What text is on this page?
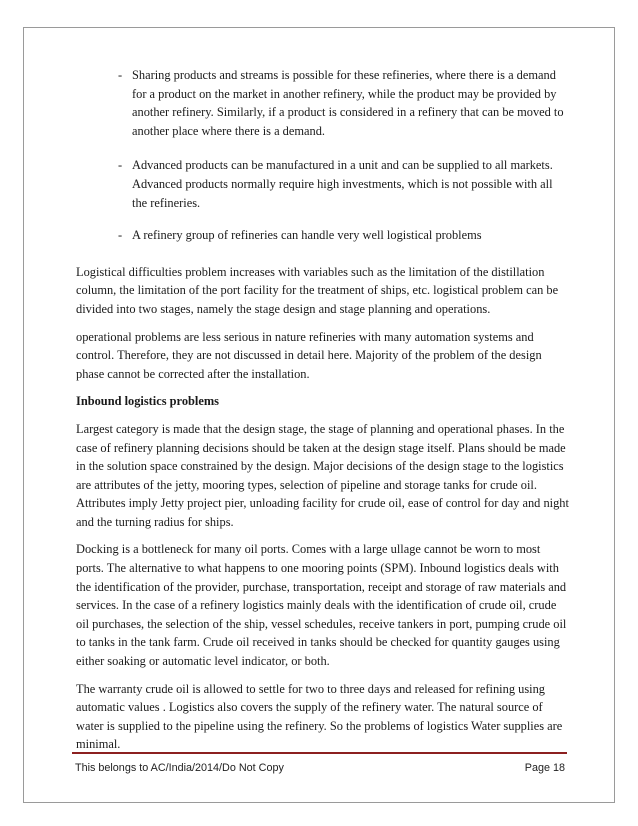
- Sharing products and streams is possible for these refineries, where there is a demand for a product on the market in another refinery, while the product may be provided by another refinery. Similarly, if a product is considered in a refinery that can be moved to another place where there is a demand.
- Advanced products can be manufactured in a unit and can be supplied to all markets. Advanced products normally require high investments, which is not possible with all the refineries.
- A refinery group of refineries can handle very well logistical problems

Logistical difficulties problem increases with variables such as the limitation of the distillation column, the limitation of the port facility for the treatment of ships, etc. logistical problem can be divided into two stages, namely the stage design and stage planning and operations.

operational problems are less serious in nature refineries with many automation systems and control. Therefore, they are not discussed in detail here. Majority of the problem of the design phase cannot be corrected after the installation.

Inbound logistics problems

Largest category is made that the design stage, the stage of planning and operational phases. In the case of refinery planning decisions should be taken at the design stage itself. Plans should be made in the solution space constrained by the design. Major decisions of the design stage to the logistics are attributes of the jetty, mooring types, selection of pipeline and storage tanks for crude oil. Attributes imply Jetty project pier, unloading facility for crude oil, ease of control for day and night and the turning radius for ships.

Docking is a bottleneck for many oil ports. Comes with a large ullage cannot be worn to most ports. The alternative to what happens to one mooring points (SPM). Inbound logistics deals with the identification of the provider, purchase, transportation, receipt and storage of raw materials and services. In the case of a refinery logistics mainly deals with the identification of crude oil, crude oil purchases, the selection of the ship, vessel schedules, receive tankers in port, pumping crude oil to tanks in the tank farm. Crude oil received in tanks should be checked for quantity gauges using either soaking or automatic level indicator, or both.

The warranty crude oil is allowed to settle for two to three days and released for refining using automatic values . Logistics also covers the supply of the refinery water. The natural source of water is supplied to the pipeline using the refinery. So the problems of logistics Water supplies are minimal.

This belongs to AC/India/2014/Do Not Copy	Page 18
